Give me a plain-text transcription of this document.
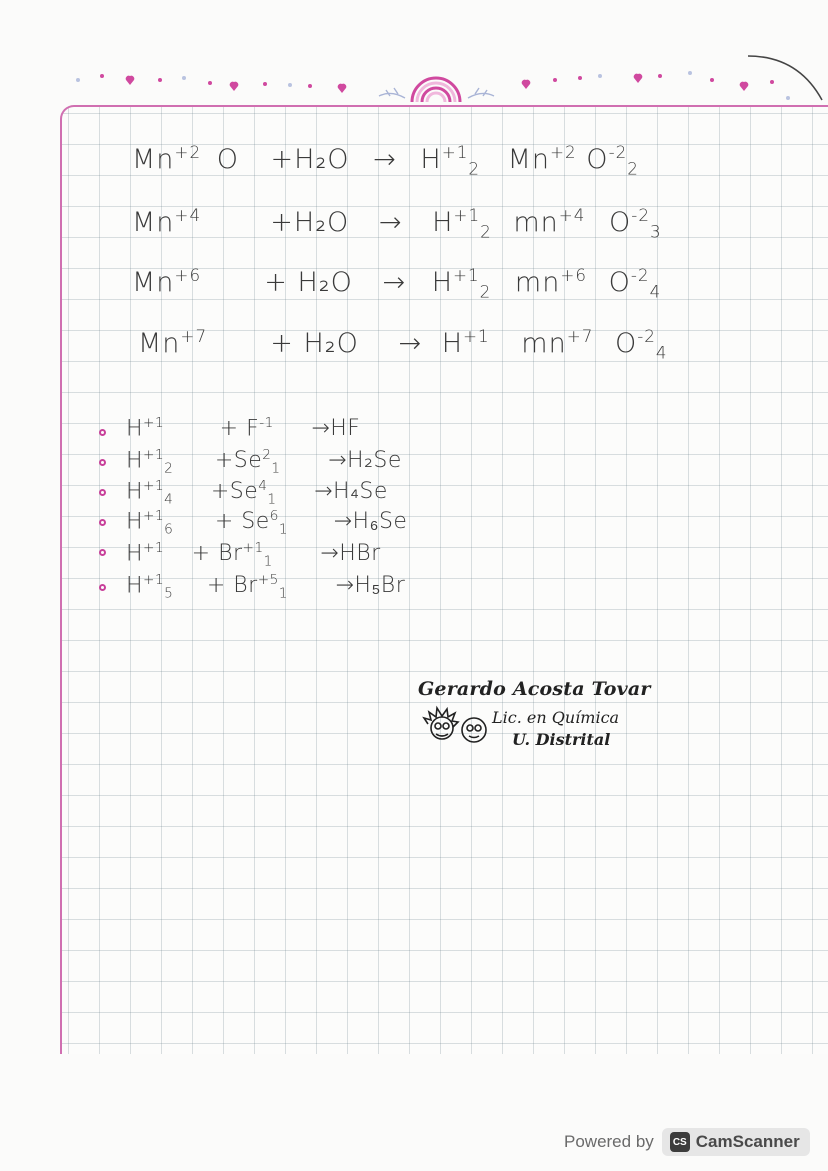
$Mn^{+2}$ $O +H_2O \to H^{+1}_2$ $Mn^{+2}$ $O^{-2}_2$
$Mn^{+4}$	$+H_2O \to H^{+1}_2$ $mn^{+4}$ $O^{-2}_3$
$Mn^{+6} + H_2O \to H^{+1}_2$ $mn^{+6}$ $O^{-2}_4$
$Mn^{+7} + H_2O \to H^{+1}$ $mn^{+7}$ $O^{-2}_4$
$H^{+1}$	+ $F^{-1} \to HF$
$H^{+1}_2 +Se^2_1 \to H_2Se$
$H^{+1}_4 +Se^4_1 \to H_4Se$
$H^{+1}_6 + Se^6_1 \to H_6Se$
$H^{+1} + Br^{+1}_1 \to HBr$
$H^{+1}_5 + Br^{+5}_1 \to H_5Br$
Gerardo Acosta Tovar
Lic. en Química
U. Distrital
Powered by	CS CamScanner
